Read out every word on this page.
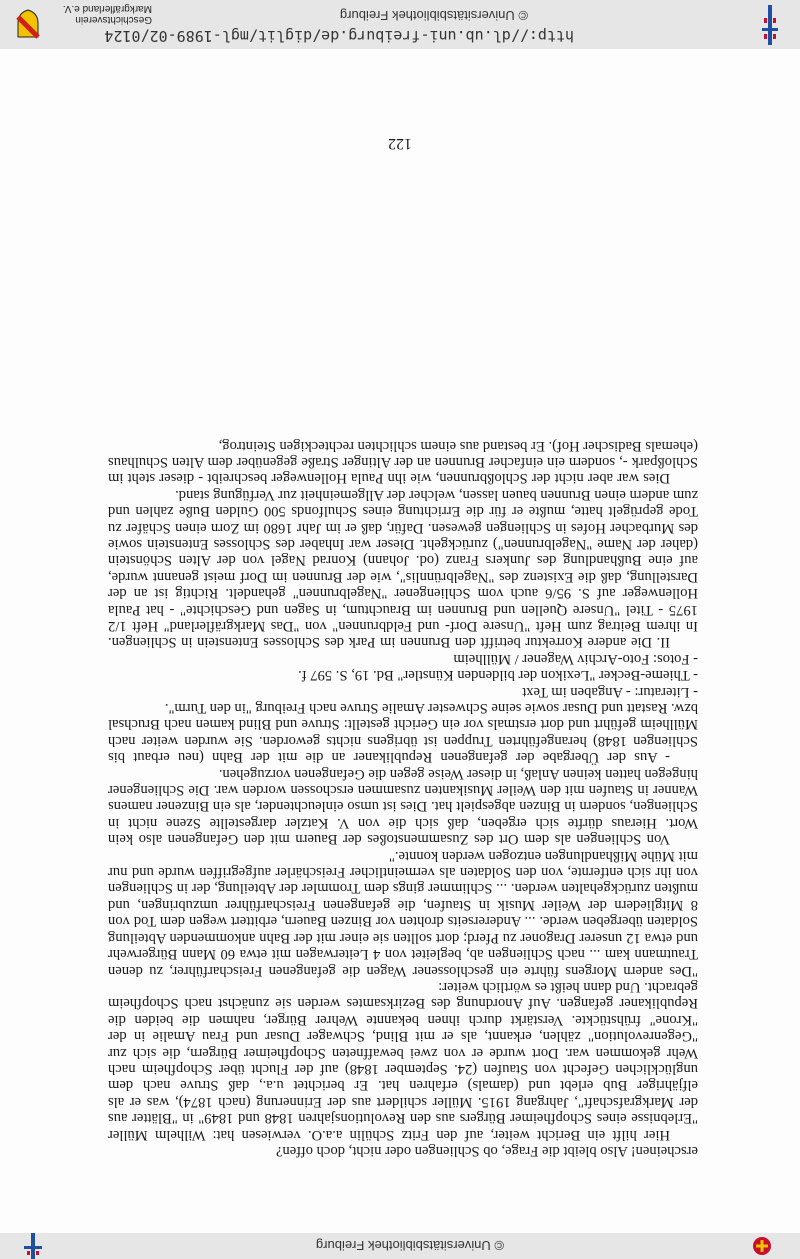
© Universitätsbibliothek Freiburg
http://dl.ub.uni-freiburg.de/diglit/mgl-1989-02/0124
© Universitätsbibliothek Freiburg
Geschichtsverein
Markgräflerland e.V.

erscheinen! Also bleibt die Frage, ob Schliengen oder nicht, doch offen?

Hier hilft ein Bericht weiter, auf den Fritz Schülin a.a.O. verwiesen hat: Wilhelm Müller "Erlebnisse eines Schopfheimer Bürgers aus den Revolutionsjahren 1848 und 1849" in "Blätter aus der Markgrafschaft", Jahrgang 1915. Müller schildert aus der Erinnerung (nach 1874), was er als elfjähriger Bub erlebt und (damals) erfahren hat. Er berichtet u.a., daß Struve nach dem unglücklichen Gefecht von Staufen (24. September 1848) auf der Flucht über Schopfheim nach Wehr gekommen war. Dort wurde er von zwei bewaffneten Schopfheimer Bürgern, die sich zur "Gegenrevolution" zählen, erkannt, als er mit Blind, Schwager Dusar und Frau Amalie in der "Krone" frühstückte. Verstärkt durch ihnen bekannte Wehrer Bürger, nahmen die beiden die Republikaner gefangen. Auf Anordnung des Bezirksamtes werden sie zunächst nach Schopfheim gebracht. Und dann heißt es wörtlich weiter:

"Des andern Morgens führte ein geschlossener Wagen die gefangenen Freischarführer, zu denen Trautmann kam ... nach Schliengen ab, begleitet von 4 Leiterwagen mit etwa 60 Mann Bürgerwehr und etwa 12 unserer Dragoner zu Pferd; dort sollten sie einer mit der Bahn ankommenden Abteilung Soldaten übergeben werde. ... Andererseits drohten vor Binzen Bauern, erbittert wegen dem Tod von 8 Mitgliedern der Weiler Musik in Staufen, die gefangenen Freischarführer umzubringen, und mußten zurückgehalten werden. ... Schlimmer gings dem Trommler der Abteilung, der in Schliengen von ihr sich entfernte, von den Soldaten als vermeintlicher Freischärler aufgegriffen wurde und nur mit Mühe Mißhandlungen entzogen werden konnte."

Von Schliengen als dem Ort des Zusammenstoßes der Bauern mit den Gefangenen also kein Wort. Hieraus dürfte sich ergeben, daß sich die von V. Katzler dargestellte Szene nicht in Schliengen, sondern in Binzen abgespielt hat. Dies ist umso einleuchtender, als ein Binzener namens Wanner in Staufen mit den Weiler Musikanten zusammen erschossen worden war. Die Schliengener hingegen hatten keinen Anlaß, in dieser Weise gegen die Gefangenen vorzugehen.

- Aus der Übergabe der gefangenen Republikaner an die mit der Bahn (neu erbaut bis Schliengen 1848) herangeführten Truppen ist übrigens nichts geworden. Sie wurden weiter nach Müllheim geführt und dort erstmals vor ein Gericht gestellt: Struve und Blind kamen nach Bruchsal bzw. Rastatt und Dusar sowie seine Schwester Amalie Struve nach Freiburg "in den Turm".

- Literatur: - Angaben im Text

- Thieme-Becker "Lexikon der bildenden Künstler" Bd. 19, S. 597 f.

- Fotos: Foto-Archiv Wagener / Müllheim

II. Die andere Korrektur betrifft den Brunnen im Park des Schlosses Entenstein in Schliengen. In ihrem Beitrag zum Heft "Unsere Dorf- und Feldbrunnen" von "Das Markgräflerland" Heft 1/2 1975 - Titel "Unsere Quellen und Brunnen im Brauchtum, in Sagen und Geschichte" - hat Paula Hollenweger auf S. 95/6 auch vom Schliengener "Nagelbrunnen" gehandelt. Richtig ist an der Darstellung, daß die Existenz des "Nagelbrünnlis", wie der Brunnen im Dorf meist genannt wurde, auf eine Bußhandlung des Junkers Franz (od. Johann) Konrad Nagel von der Alten Schönstein (daher der Name "Nagelbrunnen") zurückgeht. Dieser war Inhaber des Schlosses Entenstein sowie des Murbacher Hofes in Schliengen gewesen. Dafür, daß er im Jahr 1680 im Zorn einen Schäfer zu Tode geprügelt hatte, mußte er für die Errichtung eines Schulfonds 500 Gulden Buße zahlen und zum andern einen Brunnen bauen lassen, welcher der Allgemeinheit zur Verfügung stand.

Dies war aber nicht der Schloßbrunnen, wie ihn Paula Hollenweger beschreibt - dieser steht im Schloßpark -, sondern ein einfacher Brunnen an der Altinger Straße gegenüber dem Alten Schulhaus (ehemals Badischer Hof). Er bestand aus einem schlichten rechteckigen Steintrog,

122
